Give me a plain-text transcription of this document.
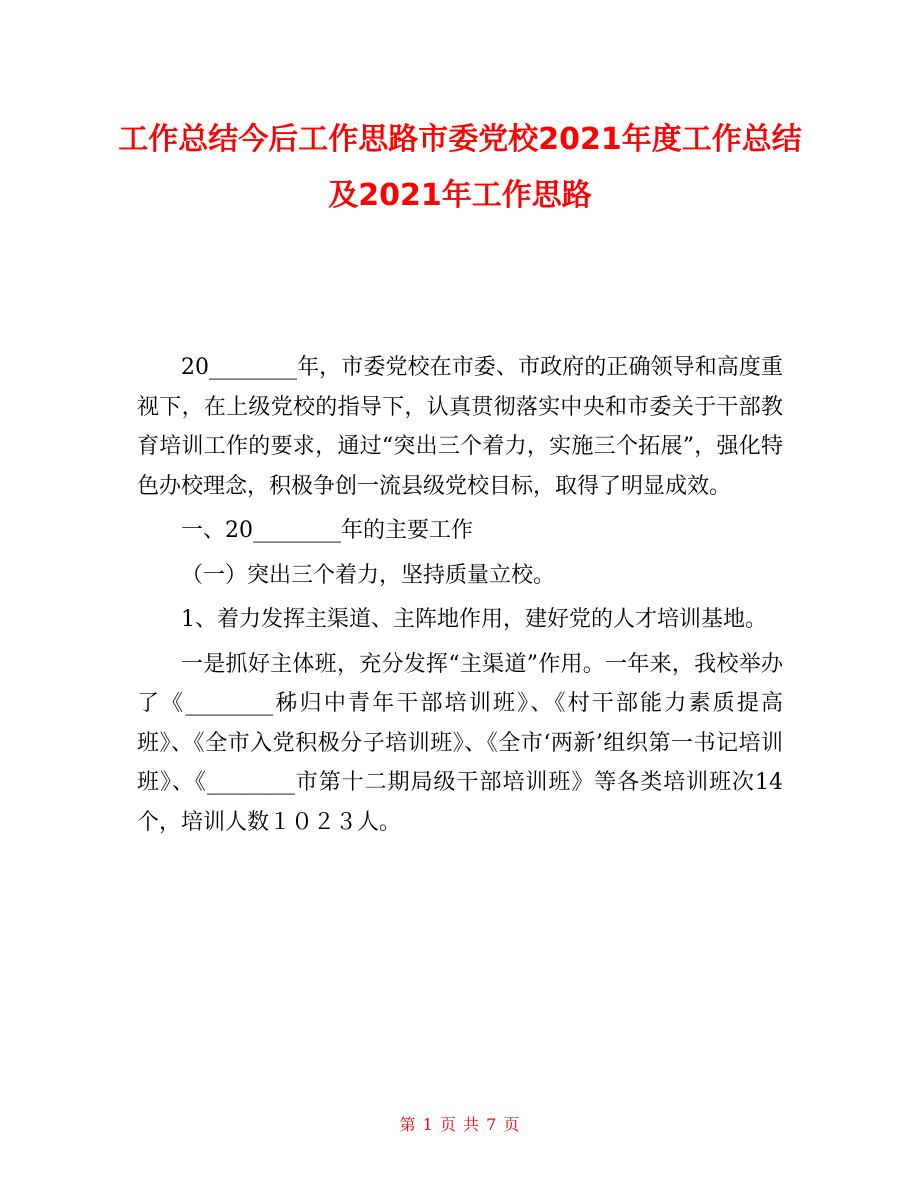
工作总结今后工作思路市委党校2021年度工作总结及2021年工作思路

20________年，市委党校在市委、市政府的正确领导和高度重视下，在上级党校的指导下，认真贯彻落实中央和市委关于干部教育培训工作的要求，通过“突出三个着力，实施三个拓展”，强化特色办校理念，积极争创一流县级党校目标，取得了明显成效。

一、20________年的主要工作

（一）突出三个着力，坚持质量立校。

1、着力发挥主渠道、主阵地作用，建好党的人才培训基地。

一是抓好主体班，充分发挥“主渠道”作用。一年来，我校举办了《________秭归中青年干部培训班》、《村干部能力素质提高班》、《全市入党积极分子培训班》、《全市‘两新’组织第一书记培训班》、《________市第十二期局级干部培训班》等各类培训班次14个，培训人数１０２３人。

第 1 页 共 7 页
